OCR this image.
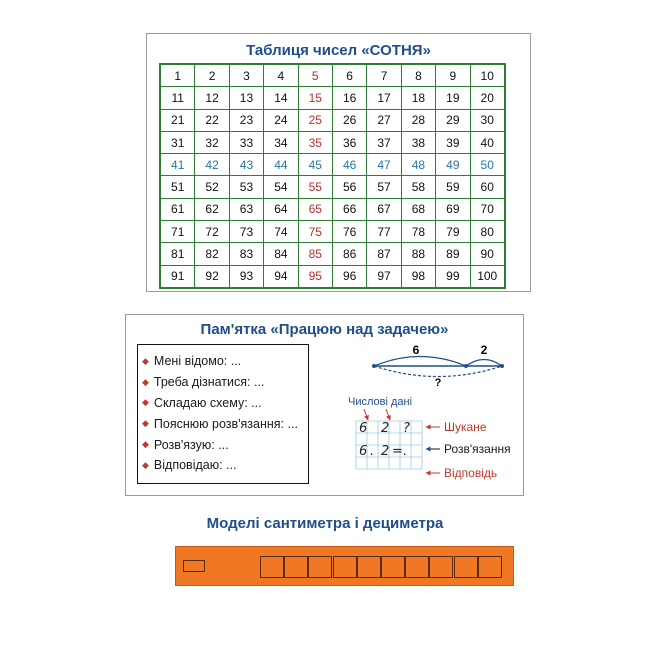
Таблиця чисел «СОТНЯ»
1	2	3	4	5	6	7	8	9	10
11	12	13	14	15	16	17	18	19	20
21	22	23	24	25	26	27	28	29	30
31	32	33	34	35	36	37	38	39	40
41	42	43	44	45	46	47	48	49	50
51	52	53	54	55	56	57	58	59	60
61	62	63	64	65	66	67	68	69	70
71	72	73	74	75	76	77	78	79	80
81	82	83	84	85	86	87	88	89	90
91	92	93	94	95	96	97	98	99	100
Пам'ятка «Працюю над задачею»
◆ Мені відомо: ...
◆ Треба дізнатися: ...
◆ Складаю схему: ...
◆ Пояснюю розв'язання: ...
◆ Розв'язую: ...
◆ Відповідаю: ...
6	2
?
Числові дані
6 2 ?
6 . 2 = .
Шукане
Розв'язання
Відповідь
Моделі сантиметра і дециметра
